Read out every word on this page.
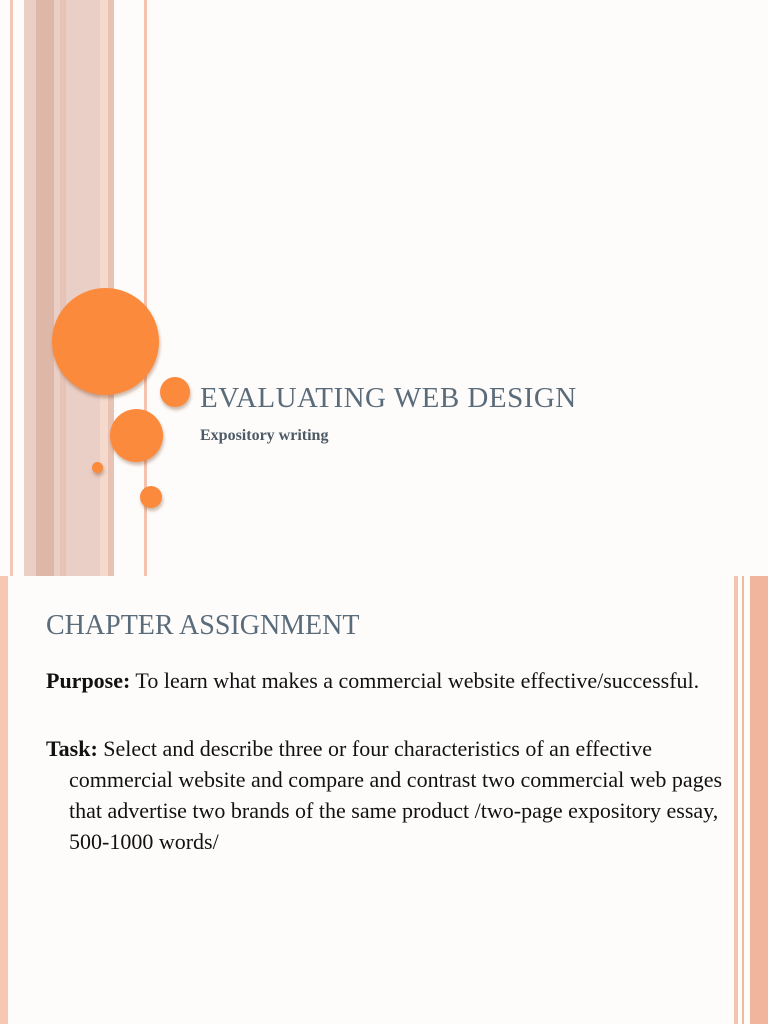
EVALUATING WEB DESIGN
Expository writing
CHAPTER ASSIGNMENT

Purpose: To learn what makes a commercial website effective/successful.

Task: Select and describe three or four characteristics of an effective commercial website and compare and contrast two commercial web pages that advertise two brands of the same product /two-page expository essay, 500-1000 words/
